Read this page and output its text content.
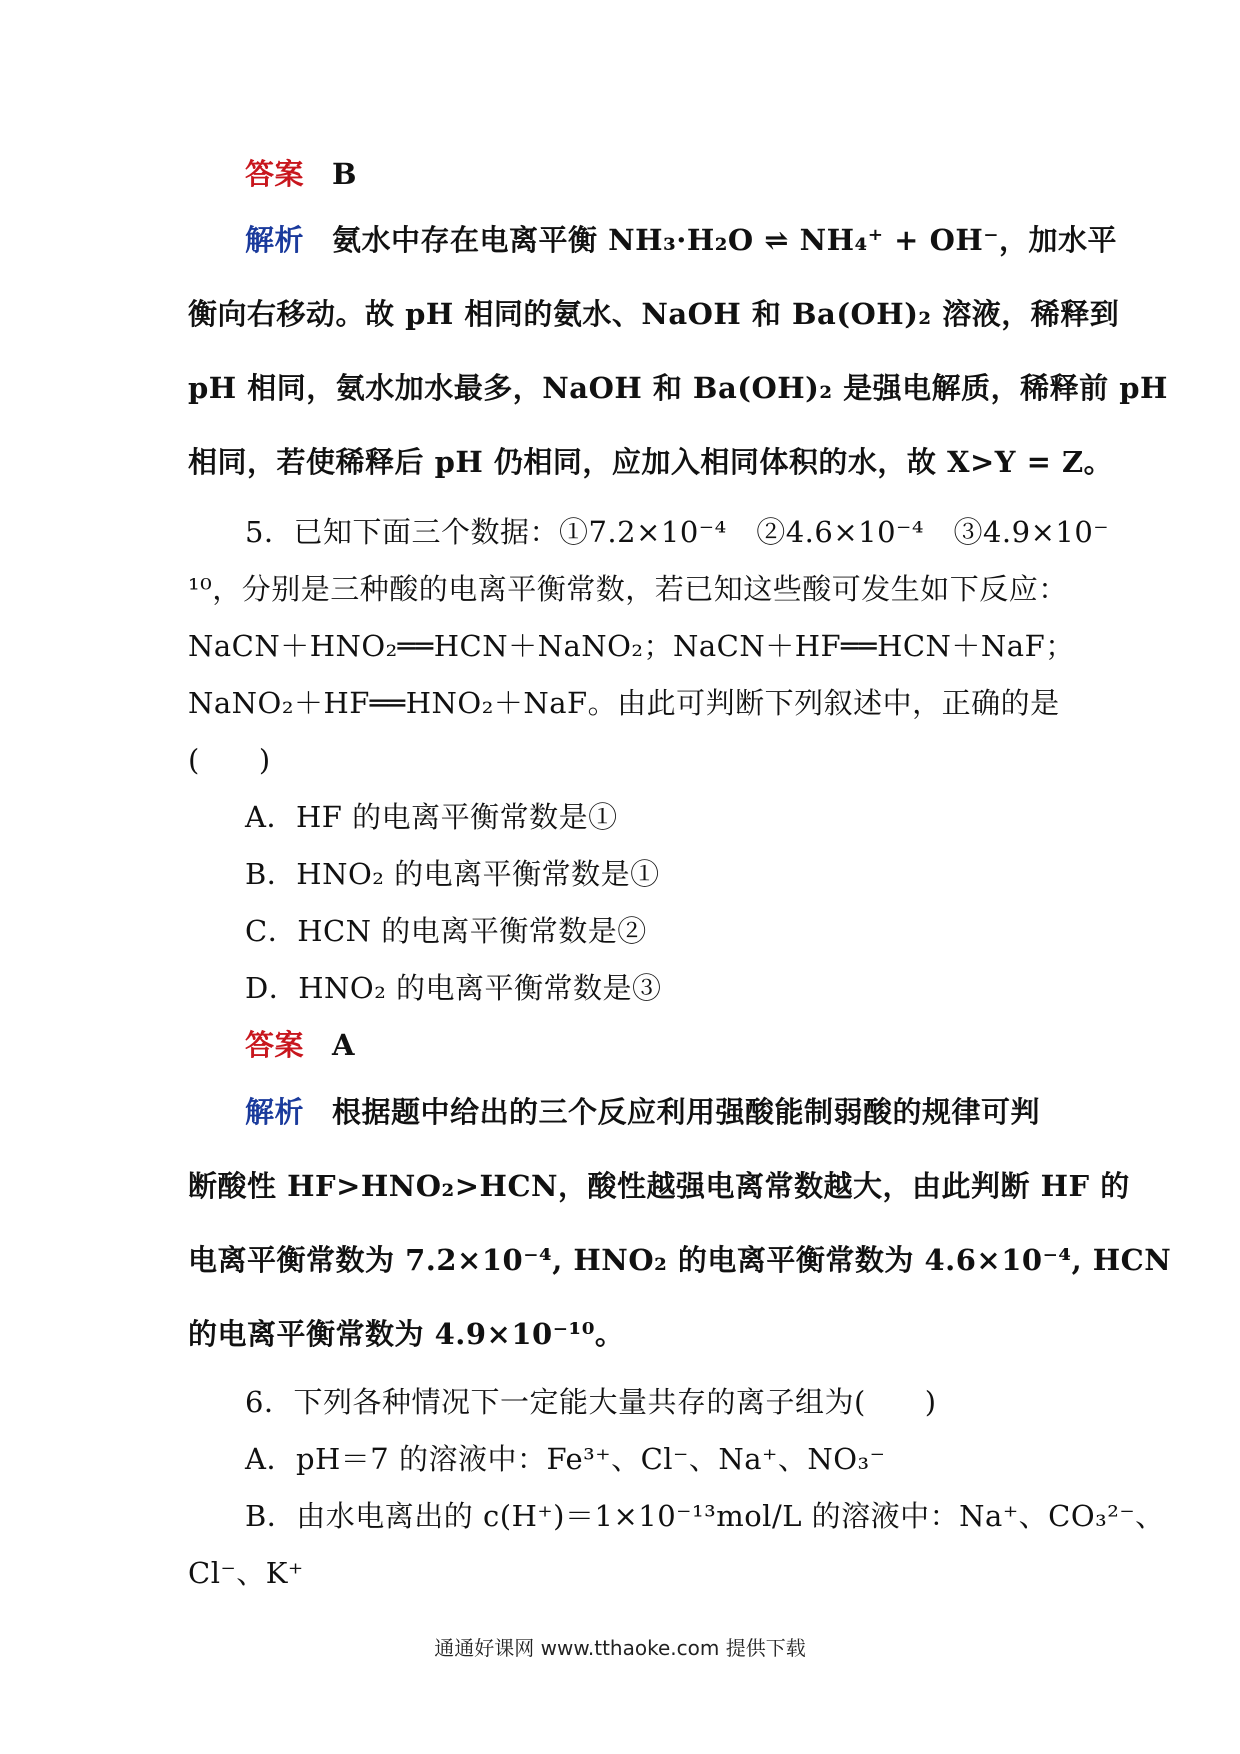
答案 B
解析 氨水中存在电离平衡 NH₃·H₂O ⇌ NH₄⁺ + OH⁻，加水平
衡向右移动。故 pH 相同的氨水、NaOH 和 Ba(OH)₂ 溶液，稀释到
pH 相同，氨水加水最多，NaOH 和 Ba(OH)₂ 是强电解质，稀释前 pH
相同，若使稀释后 pH 仍相同，应加入相同体积的水，故 X>Y = Z。
5．已知下面三个数据：①7.2×10⁻⁴　②4.6×10⁻⁴　③4.9×10⁻
¹⁰，分别是三种酸的电离平衡常数，若已知这些酸可发生如下反应：
NaCN＋HNO₂══HCN＋NaNO₂；NaCN＋HF══HCN＋NaF；
NaNO₂＋HF══HNO₂＋NaF。由此可判断下列叙述中，正确的是
(　　)
A．HF 的电离平衡常数是①
B．HNO₂ 的电离平衡常数是①
C．HCN 的电离平衡常数是②
D．HNO₂ 的电离平衡常数是③
答案 A
解析 根据题中给出的三个反应利用强酸能制弱酸的规律可判
断酸性 HF>HNO₂>HCN，酸性越强电离常数越大，由此判断 HF 的
电离平衡常数为 7.2×10⁻⁴, HNO₂ 的电离平衡常数为 4.6×10⁻⁴, HCN
的电离平衡常数为 4.9×10⁻¹⁰。
6．下列各种情况下一定能大量共存的离子组为(　　)
A．pH＝7 的溶液中：Fe³⁺、Cl⁻、Na⁺、NO₃⁻
B．由水电离出的 c(H⁺)＝1×10⁻¹³mol/L 的溶液中：Na⁺、CO₃²⁻、
Cl⁻、K⁺
通通好课网 www.tthaoke.com 提供下载
